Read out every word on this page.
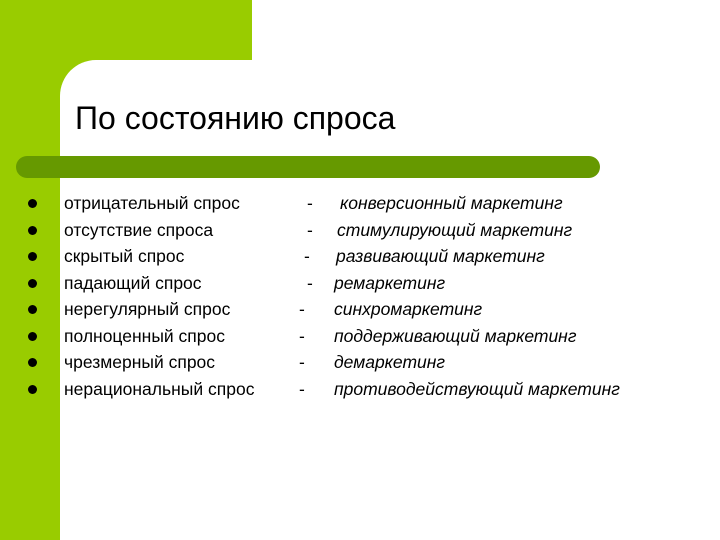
По состоянию спроса
отрицательный спрос	- конверсионный маркетинг
отсутствие спроса	- стимулирующий маркетинг
скрытый спрос	- развивающий маркетинг
падающий спрос	- ремаркетинг
нерегулярный спрос	- синхромаркетинг
полноценный спрос	- поддерживающий маркетинг
чрезмерный спрос	- демаркетинг
нерациональный спрос	- противодействующий маркетинг
